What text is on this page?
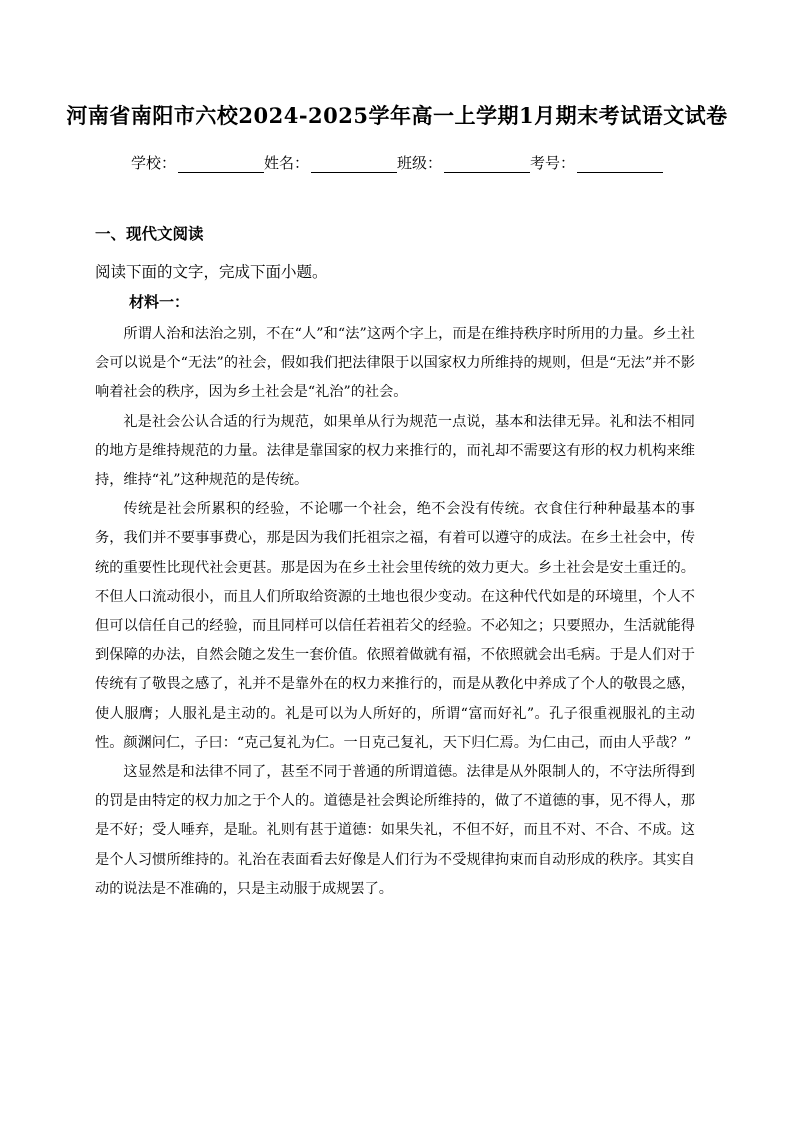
河南省南阳市六校2024-2025学年高一上学期1月期末考试语文试卷
学校：	姓名：	班级：	考号：
一、现代文阅读
阅读下面的文字，完成下面小题。
材料一：

所谓人治和法治之别，不在“人”和“法”这两个字上，而是在维持秩序时所用的力量。乡土社会可以说是个“无法”的社会，假如我们把法律限于以国家权力所维持的规则，但是“无法”并不影响着社会的秩序，因为乡土社会是“礼治”的社会。

礼是社会公认合适的行为规范，如果单从行为规范一点说，基本和法律无异。礼和法不相同的地方是维持规范的力量。法律是靠国家的权力来推行的，而礼却不需要这有形的权力机构来维持，维持“礼”这种规范的是传统。

传统是社会所累积的经验，不论哪一个社会，绝不会没有传统。衣食住行种种最基本的事务，我们并不要事事费心，那是因为我们托祖宗之福，有着可以遵守的成法。在乡土社会中，传统的重要性比现代社会更甚。那是因为在乡土社会里传统的效力更大。乡土社会是安土重迁的。不但人口流动很小，而且人们所取给资源的土地也很少变动。在这种代代如是的环境里，个人不但可以信任自己的经验，而且同样可以信任若祖若父的经验。不必知之；只要照办，生活就能得到保障的办法，自然会随之发生一套价值。依照着做就有福，不依照就会出毛病。于是人们对于传统有了敬畏之感了，礼并不是靠外在的权力来推行的，而是从教化中养成了个人的敬畏之感，使人服膺；人服礼是主动的。礼是可以为人所好的，所谓“富而好礼”。孔子很重视服礼的主动性。颜渊问仁，子曰：“克己复礼为仁。一日克己复礼，天下归仁焉。为仁由己，而由人乎哉？”

这显然是和法律不同了，甚至不同于普通的所谓道德。法律是从外限制人的，不守法所得到的罚是由特定的权力加之于个人的。道德是社会舆论所维持的，做了不道德的事，见不得人，那是不好；受人唾弃，是耻。礼则有甚于道德：如果失礼，不但不好，而且不对、不合、不成。这是个人习惯所维持的。礼治在表面看去好像是人们行为不受规律拘束而自动形成的秩序。其实自动的说法是不准确的，只是主动服于成规罢了。
